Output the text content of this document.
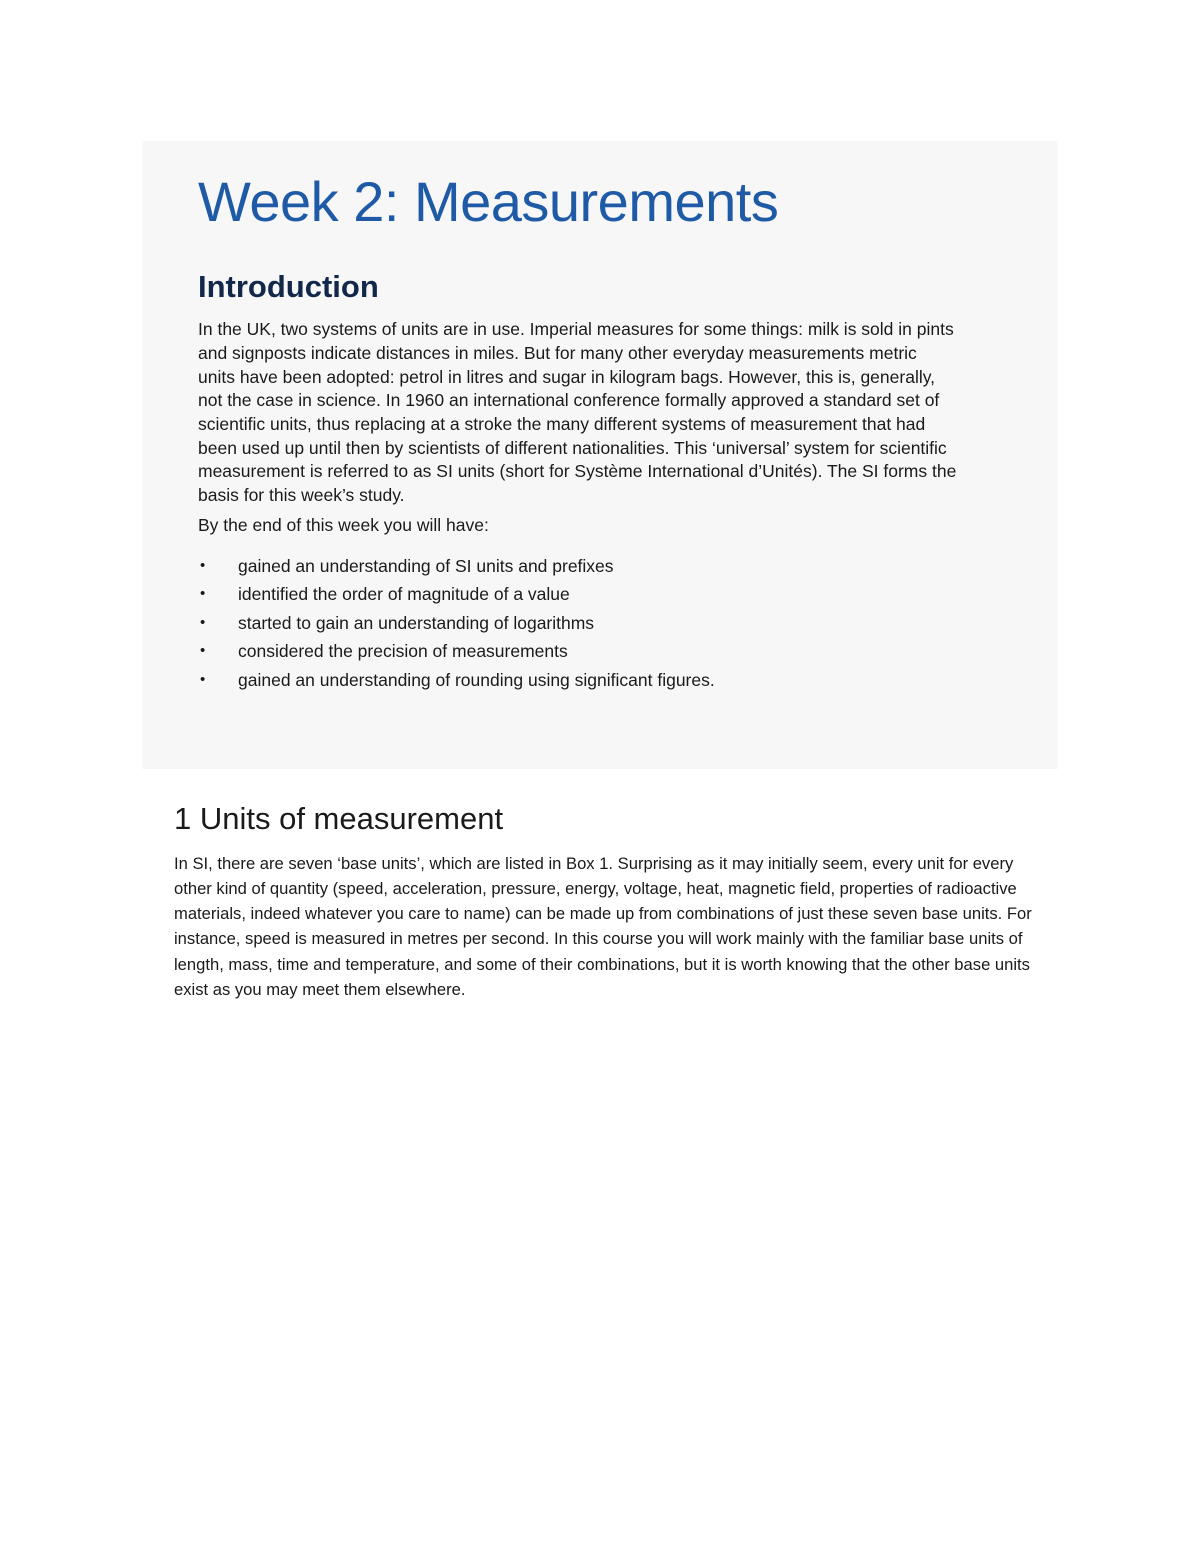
Week 2: Measurements
Introduction

In the UK, two systems of units are in use. Imperial measures for some things: milk is sold in pints and signposts indicate distances in miles. But for many other everyday measurements metric units have been adopted: petrol in litres and sugar in kilogram bags. However, this is, generally, not the case in science. In 1960 an international conference formally approved a standard set of scientific units, thus replacing at a stroke the many different systems of measurement that had been used up until then by scientists of different nationalities. This ‘universal’ system for scientific measurement is referred to as SI units (short for Système International d’Unités). The SI forms the basis for this week’s study.

By the end of this week you will have:

• gained an understanding of SI units and prefixes
• identified the order of magnitude of a value
• started to gain an understanding of logarithms
• considered the precision of measurements
• gained an understanding of rounding using significant figures.
1 Units of measurement

In SI, there are seven ‘base units’, which are listed in Box 1. Surprising as it may initially seem, every unit for every other kind of quantity (speed, acceleration, pressure, energy, voltage, heat, magnetic field, properties of radioactive materials, indeed whatever you care to name) can be made up from combinations of just these seven base units. For instance, speed is measured in metres per second. In this course you will work mainly with the familiar base units of length, mass, time and temperature, and some of their combinations, but it is worth knowing that the other base units exist as you may meet them elsewhere.
